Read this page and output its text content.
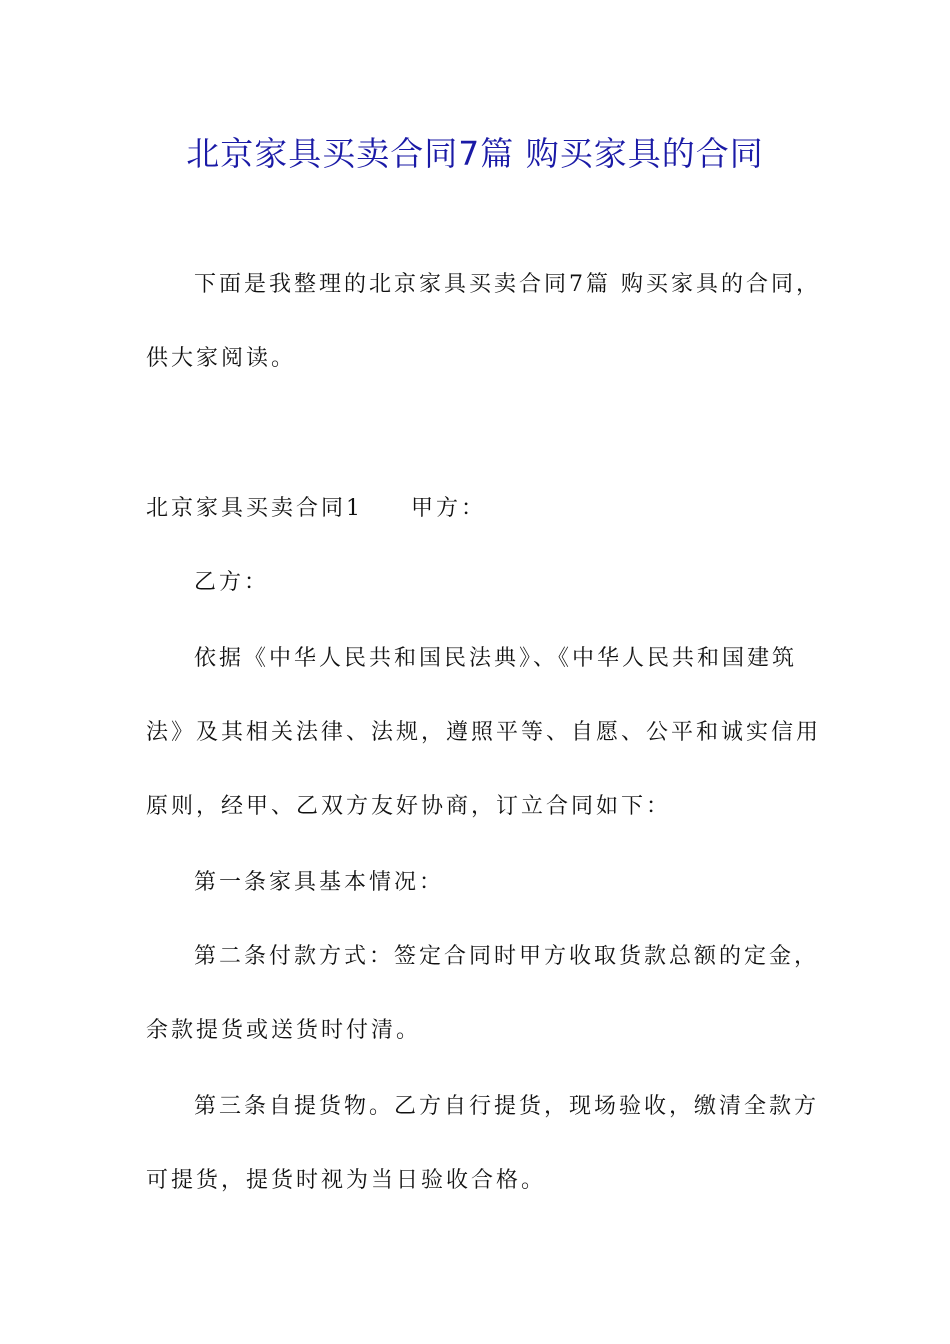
北京家具买卖合同7篇 购买家具的合同

下面是我整理的北京家具买卖合同7篇 购买家具的合同，

供大家阅读。

北京家具买卖合同1 甲方：

乙方：

依据《中华人民共和国民法典》、《中华人民共和国建筑

法》及其相关法律、法规，遵照平等、自愿、公平和诚实信用

原则，经甲、乙双方友好协商，订立合同如下：

第一条家具基本情况：

第二条付款方式：签定合同时甲方收取货款总额的定金，

余款提货或送货时付清。

第三条自提货物。乙方自行提货，现场验收，缴清全款方

可提货，提货时视为当日验收合格。
